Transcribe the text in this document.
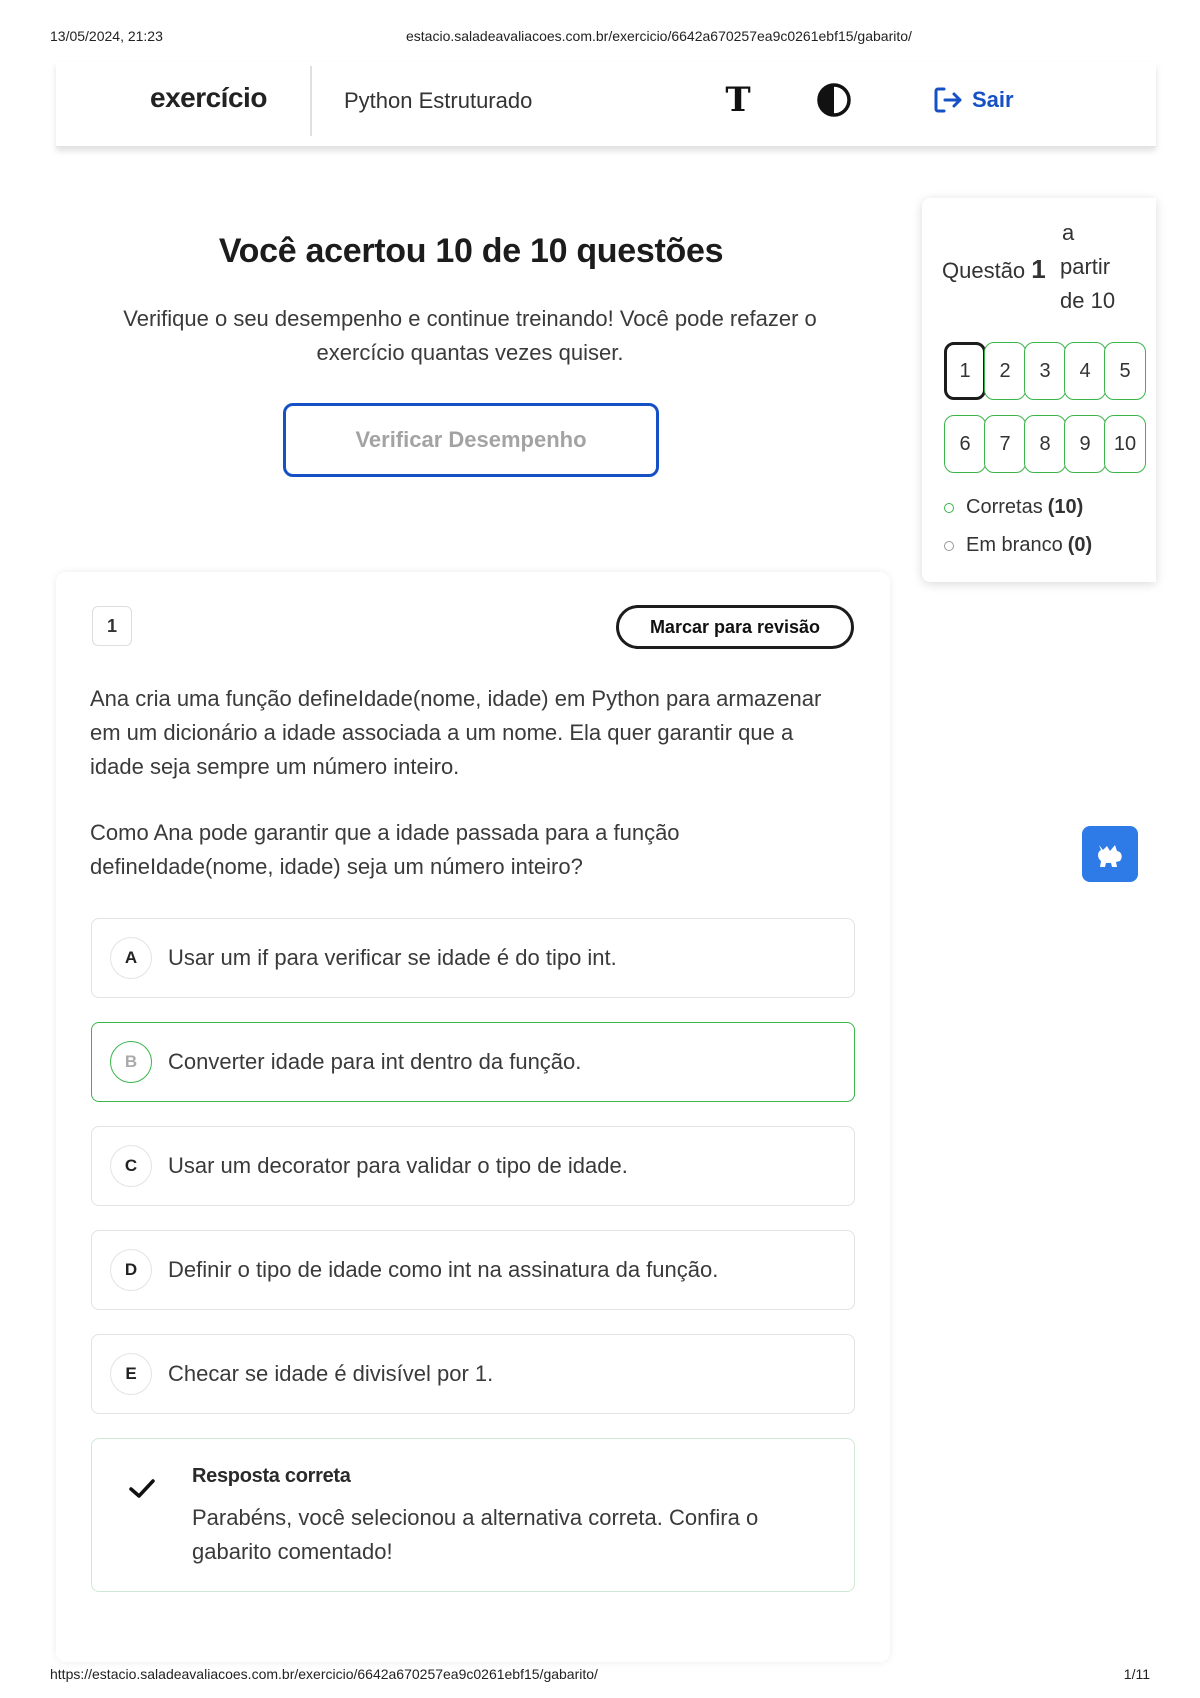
13/05/2024, 21:23	estacio.saladeavaliacoes.com.br/exercicio/6642a670257ea9c0261ebf15/gabarito/
exercício	Python Estruturado	T	Sair
Você acertou 10 de 10 questões
Verifique o seu desempenho e continue treinando! Você pode refazer o exercício quantas vezes quiser.
Verificar Desempenho
a
Questão 1 partir
de 10
1	2	3	4	5
6	7	8	9	10
Corretas (10)
Em branco (0)
1	Marcar para revisão
Ana cria uma função defineIdade(nome, idade) em Python para armazenar em um dicionário a idade associada a um nome. Ela quer garantir que a idade seja sempre um número inteiro.
Como Ana pode garantir que a idade passada para a função defineIdade(nome, idade) seja um número inteiro?
A	Usar um if para verificar se idade é do tipo int.
B	Converter idade para int dentro da função.
C	Usar um decorator para validar o tipo de idade.
D	Definir o tipo de idade como int na assinatura da função.
E	Checar se idade é divisível por 1.
Resposta correta
Parabéns, você selecionou a alternativa correta. Confira o gabarito comentado!
https://estacio.saladeavaliacoes.com.br/exercicio/6642a670257ea9c0261ebf15/gabarito/	1/11
